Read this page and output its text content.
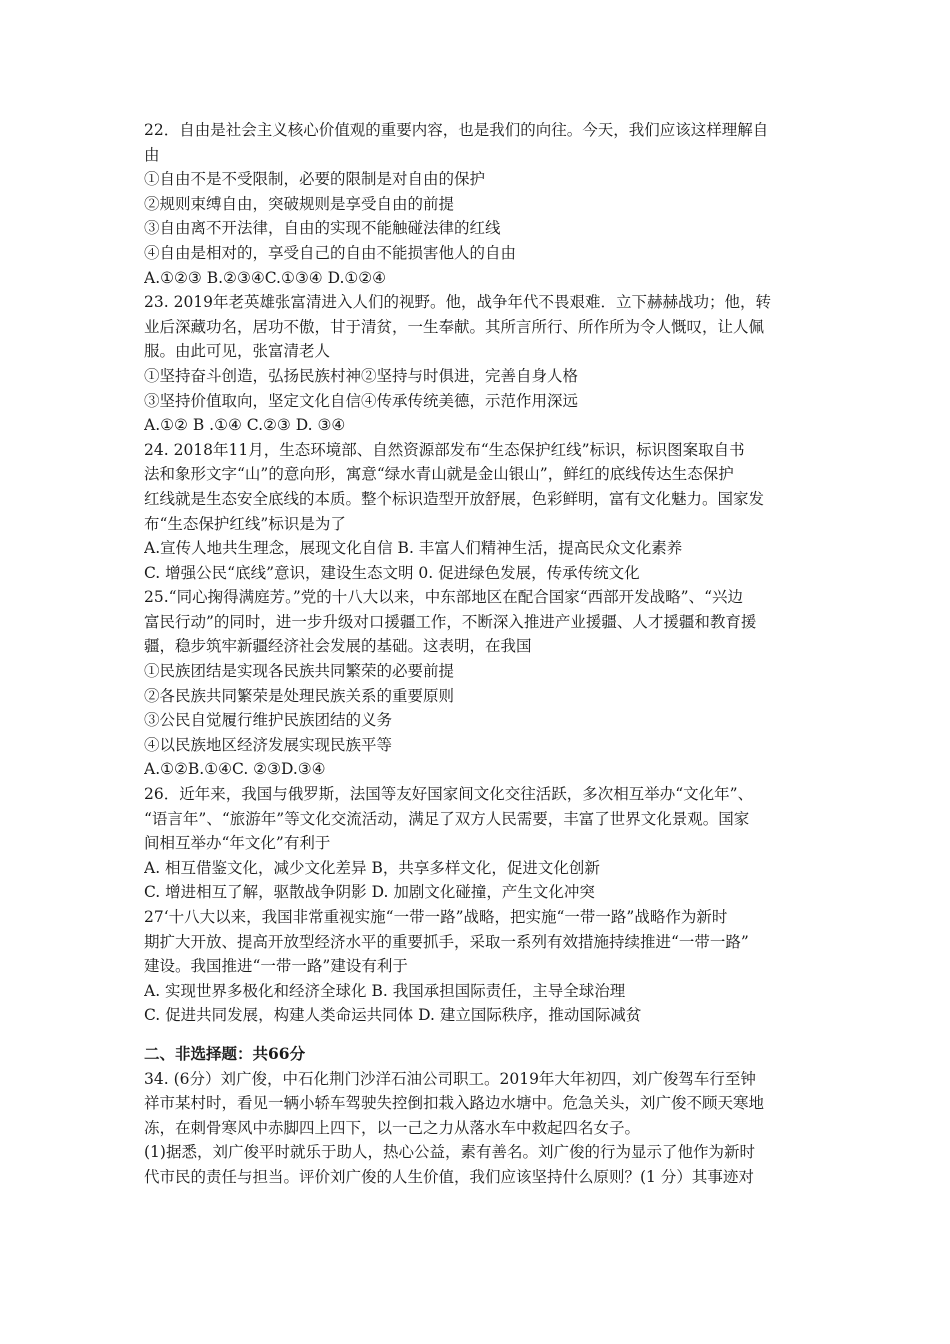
22．自由是社会主义核心价值观的重要内容，也是我们的向往。今天，我们应该这样理解自
由
①自由不是不受限制，必要的限制是对自由的保护
②规则束缚自由，突破规则是享受自由的前提
③自由离不开法律，自由的实现不能触碰法律的红线
④自由是相对的，享受自己的自由不能损害他人的自由
A.①②③ B.②③④C.①③④ D.①②④
23. 2019年老英雄张富清进入人们的视野。他，战争年代不畏艰难．立下赫赫战功；他，转
业后深藏功名，居功不傲，甘于清贫，一生奉献。其所言所行、所作所为令人慨叹，让人佩
服。由此可见，张富清老人
①坚持奋斗创造，弘扬民族村神②坚持与时俱进，完善自身人格
③坚持价值取向，坚定文化自信④传承传统美德，示范作用深远
A.①② B .①④ C.②③ D. ③④
24. 2018年11月，生态环境部、自然资源部发布“生态保护红线”标识，标识图案取自书
法和象形文字“山”的意向形，寓意“绿水青山就是金山银山”，鲜红的底线传达生态保护
红线就是生态安全底线的本质。整个标识造型开放舒展，色彩鲜明，富有文化魅力。国家发
布“生态保护红线”标识是为了
A.宣传人地共生理念，展现文化自信 B. 丰富人们精神生活，提高民众文化素养
C. 增强公民“底线”意识，建设生态文明 0. 促进绿色发展，传承传统文化
25.“同心掬得满庭芳。”党的十八大以来，中东部地区在配合国家“西部开发战略”、“兴边
富民行动”的同时，进一步升级对口援疆工作，不断深入推进产业援疆、人才援疆和教育援
疆，稳步筑牢新疆经济社会发展的基础。这表明，在我国
①民族团结是实现各民族共同繁荣的必要前提
②各民族共同繁荣是处理民族关系的重要原则
③公民自觉履行维护民族团结的义务
④以民族地区经济发展实现民族平等
A.①②B.①④C. ②③D.③④
26．近年来，我国与俄罗斯，法国等友好国家间文化交往活跃，多次相互举办“文化年”、
“语言年”、“旅游年”等文化交流活动，满足了双方人民需要，丰富了世界文化景观。国家
间相互举办“年文化”有利于
A. 相互借鉴文化，减少文化差异 B，共享多样文化，促进文化创新
C. 增进相互了解，驱散战争阴影 D. 加剧文化碰撞，产生文化冲突
27‘十八大以来，我国非常重视实施“一带一路”战略，把实施“一带一路”战略作为新时
期扩大开放、提高开放型经济水平的重要抓手，采取一系列有效措施持续推进“一带一路”
建设。我国推进“一带一路”建设有利于
A. 实现世界多极化和经济全球化 B. 我国承担国际责任，主导全球治理
C. 促进共同发展，构建人类命运共同体 D. 建立国际秩序，推动国际减贫
二、非选择题：共66分
34. (6分）刘广俊，中石化荆门沙洋石油公司职工。2019年大年初四，刘广俊驾车行至钟
祥市某村时，看见一辆小轿车驾驶失控倒扣栽入路边水塘中。危急关头，刘广俊不顾天寒地
冻，在刺骨寒风中赤脚四上四下，以一己之力从落水车中救起四名女子。
(1)据悉，刘广俊平时就乐于助人，热心公益，素有善名。刘广俊的行为显示了他作为新时
代市民的责任与担当。评价刘广俊的人生价值，我们应该坚持什么原则？(1 分）其事迹对
